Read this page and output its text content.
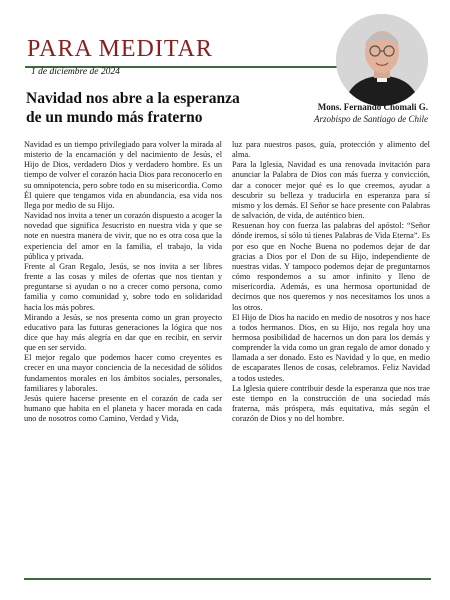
PARA MEDITAR
1 de diciembre de 2024
Navidad nos abre a la esperanza
de un mundo más fraterno
Mons. Fernando Chomali G.
Arzobispo de Santiago de Chile

Navidad es un tiempo privilegiado para volver la mirada al misterio de la encarnación y del nacimiento de Jesús, el Hijo de Dios, verdadero Dios y verdadero hombre. Es un tiempo de volver el corazón hacia Dios para reconocerlo en su omnipotencia, pero sobre todo en su misericordia. Como Él quiere que tengamos vida en abundancia, esa vida nos llega por medio de su Hijo.

Navidad nos invita a tener un corazón dispuesto a acoger la novedad que significa Jesucristo en nuestra vida y que se note en nuestra manera de vivir, que no es otra cosa que la experiencia del amor en la familia, el trabajo, la vida pública y privada.

Frente al Gran Regalo, Jesús, se nos invita a ser libres frente a las cosas y miles de ofertas que nos tientan y preguntarse si ayudan o no a crecer como persona, como familia y como comunidad y, sobre todo en solidaridad hacia los más pobres.

Mirando a Jesús, se nos presenta como un gran proyecto educativo para las futuras generaciones la lógica que nos dice que hay más alegría en dar que en recibir, en servir que en ser servido.

El mejor regalo que podemos hacer como creyentes es crecer en una mayor conciencia de la necesidad de sólidos fundamentos morales en los ámbitos sociales, personales, familiares y laborales.

Jesús quiere hacerse presente en el corazón de cada ser humano que habita en el planeta y hacer morada en cada uno de nosotros como Camino, Verdad y Vida,

luz para nuestros pasos, guía, protección y alimento del alma.

Para la Iglesia, Navidad es una renovada invitación para anunciar la Palabra de Dios con más fuerza y convicción, dar a conocer mejor qué es lo que creemos, ayudar a descubrir su belleza y traducirla en esperanza para sí mismo y los demás. El Señor se hace presente con Palabras de salvación, de vida, de auténtico bien.

Resuenan hoy con fuerza las palabras del apóstol: “Señor dónde iremos, sí sólo tú tienes Palabras de Vida Eterna”. Es por eso que en Noche Buena no podemos dejar de dar gracias a Dios por el Don de su Hijo, independiente de nuestras vidas. Y tampoco podemos dejar de preguntarnos cómo respondemos a su amor infinito y lleno de misericordia. Además, es una hermosa oportunidad de decirnos que nos queremos y nos necesitamos los unos a los otros.

El Hijo de Dios ha nacido en medio de nosotros y nos hace a todos hermanos. Dios, en su Hijo, nos regala hoy una hermosa posibilidad de hacernos un don para los demás y comprender la vida como un gran regalo de amor donado y llamada a ser donado. Esto es Navidad y lo que, en medio de escaparates llenos de cosas, celebramos. Feliz Navidad a todos ustedes.

La Iglesia quiere contribuir desde la esperanza que nos trae este tiempo en la construcción de una sociedad más fraterna, más próspera, más equitativa, más según el corazón de Dios y no del hombre.
